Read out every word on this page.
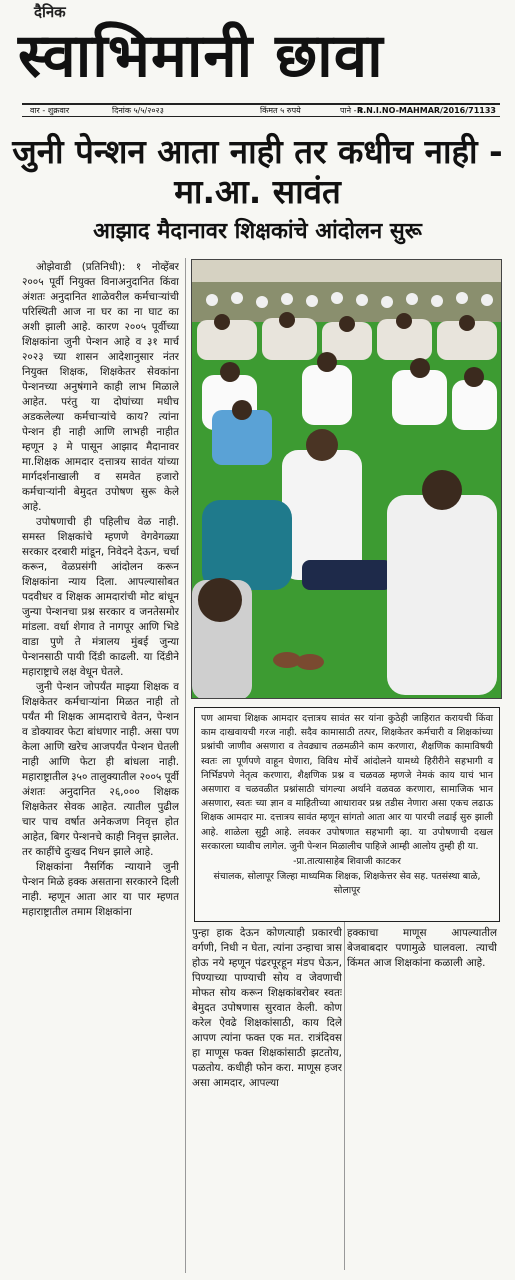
दैनिक
स्वाभिमानी छावा
वार - शुक्रवार	दिनांक ५/५/२०२३	किंमत ५ रुपये	पाने - ४
R.N.I.NO-MAHMAR/2016/71133
जुनी पेन्शन आता नाही तर कधीच नाही - मा.आ. सावंत
आझाद मैदानावर शिक्षकांचे आंदोलन सुरू

ओझेवाडी (प्रतिनिधी): १ नोव्हेंबर २००५ पूर्वी नियुक्त विनाअनुदानित किंवा अंशतः अनुदानित शाळेवरील कर्मचाऱ्यांची परिस्थिती आज ना घर का ना घाट का अशी झाली आहे. कारण २००५ पूर्वीच्या शिक्षकांना जुनी पेन्शन आहे व ३१ मार्च २०२३ च्या शासन आदेशानुसार नंतर नियुक्त शिक्षक, शिक्षकेतर सेवकांना पेन्शनच्या अनुषंगाने काही लाभ मिळाले आहेत. परंतु या दोघांच्या मधीच अडकलेल्या कर्मचाऱ्यांचे काय? त्यांना पेन्शन ही नाही आणि लाभही नाहीत म्हणून ३ मे पासून आझाद मैदानावर मा.शिक्षक आमदार दत्तात्रय सावंत यांच्या मार्गदर्शनाखाली व समवेत हजारो कर्मचाऱ्यांनी बेमुदत उपोषण सुरू केले आहे.

उपोषणाची ही पहिलीच वेळ नाही. समस्त शिक्षकांचे म्हणणे वेगवेगळ्या सरकार दरबारी मांडून, निवेदने देऊन, चर्चा करून, वेळप्रसंगी आंदोलन करून शिक्षकांना न्याय दिला. आपल्यासोबत पदवीधर व शिक्षक आमदारांची मोट बांधून जुन्या पेन्शनचा प्रश्न सरकार व जनतेसमोर मांडला. वर्धा शेगाव ते नागपूर आणि भिडे वाडा पुणे ते मंत्रालय मुंबई जुन्या पेन्शनसाठी पायी दिंडी काढली. या दिंडीने महाराष्ट्राचे लक्ष वेधून घेतले.

जुनी पेन्शन जोपर्यंत माझ्या शिक्षक व शिक्षकेतर कर्मचाऱ्यांना मिळत नाही तो पर्यंत मी शिक्षक आमदाराचे वेतन, पेन्शन व डोक्यावर फेटा बांधणार नाही. असा पण केला आणि खरेच आजपर्यंत पेन्शन घेतली नाही आणि फेटा ही बांधला नाही. महाराष्ट्रातील ३५० तालुक्यातील २००५ पूर्वी अंशतः अनुदानित २६,००० शिक्षक शिक्षकेतर सेवक आहेत. त्यातील पुढील चार पाच वर्षात अनेकजण निवृत्त होत आहेत, बिगर पेन्शनचे काही निवृत्त झालेत. तर काहींचे दुःखद निधन झाले आहे.

शिक्षकांना नैसर्गिक न्यायाने जुनी पेन्शन मिळे हक्क असताना सरकारने दिली नाही. म्हणून आता आर या पार म्हणत महाराष्ट्रातील तमाम शिक्षकांना

पण आमचा शिक्षक आमदार दत्तात्रय सावंत सर यांना कुठेही जाहिरात करायची किंवा काम दाखवायची गरज नाही. सदैव कामासाठी तत्पर, शिक्षकेतर कर्मचारी व शिक्षकांच्या प्रश्नांची जाणीव असणारा व तेवढ्याच तळमळीने काम करणारा, शैक्षणिक कामाविषयी स्वतः ला पूर्णपणे वाहून घेणारा, विविध मोर्चे आंदोलने यामध्ये हिरीरीने सहभागी व निर्भिडपणे नेतृत्व करणारा, शैक्षणिक प्रश्न व चळवळ म्हणजे नेमकं काय याचं भान असणारा व चळवळीत प्रश्नांसाठी चांगल्या अर्थाने वळवळ करणारा, सामाजिक भान असणारा, स्वतः च्या ज्ञान व माहितीच्या आधारावर प्रश्न तडीस नेणारा असा एकच लढाऊ शिक्षक आमदार मा. दत्तात्रय सावंत म्हणून सांगतो आता आर या पारची लढाई सुरु झाली आहे. शाळेला सुट्टी आहे. लवकर उपोषणात सहभागी व्हा. या उपोषणाची दखल सरकारला घ्यावीच लागेल. जुनी पेन्शन मिळालीच पाहिजे आम्ही आलोय तुम्ही ही या.
-प्रा.तात्यासाहेब शिवाजी काटकर
संचालक, सोलापूर जिल्हा माध्यमिक शिक्षक, शिक्षकेत्तर सेव सह. पतसंस्था बाळे, सोलापूर

पुन्हा हाक देऊन कोणत्याही प्रकारची वर्गणी, निधी न घेता, त्यांना उन्हाचा त्रास होऊ नये म्हणून पंढरपूरहून मंडप घेऊन, पिण्याच्या पाण्याची सोय व जेवणाची मोफत सोय करून शिक्षकांबरोबर स्वतः बेमुदत उपोषणास सुरवात केली. कोण करेल ऐवढे शिक्षकांसाठी, काय दिले आपण त्यांना फक्त एक मत. रात्रंदिवस हा माणूस फक्त शिक्षकांसाठी झटतोय, पळतोय. कधीही फोन करा. माणूस हजर असा आमदार, आपल्या

हक्काचा माणूस आपल्यातील बेजबाबदार पणामुळे घालवला. त्याची किंमत आज शिक्षकांना कळाली आहे.
